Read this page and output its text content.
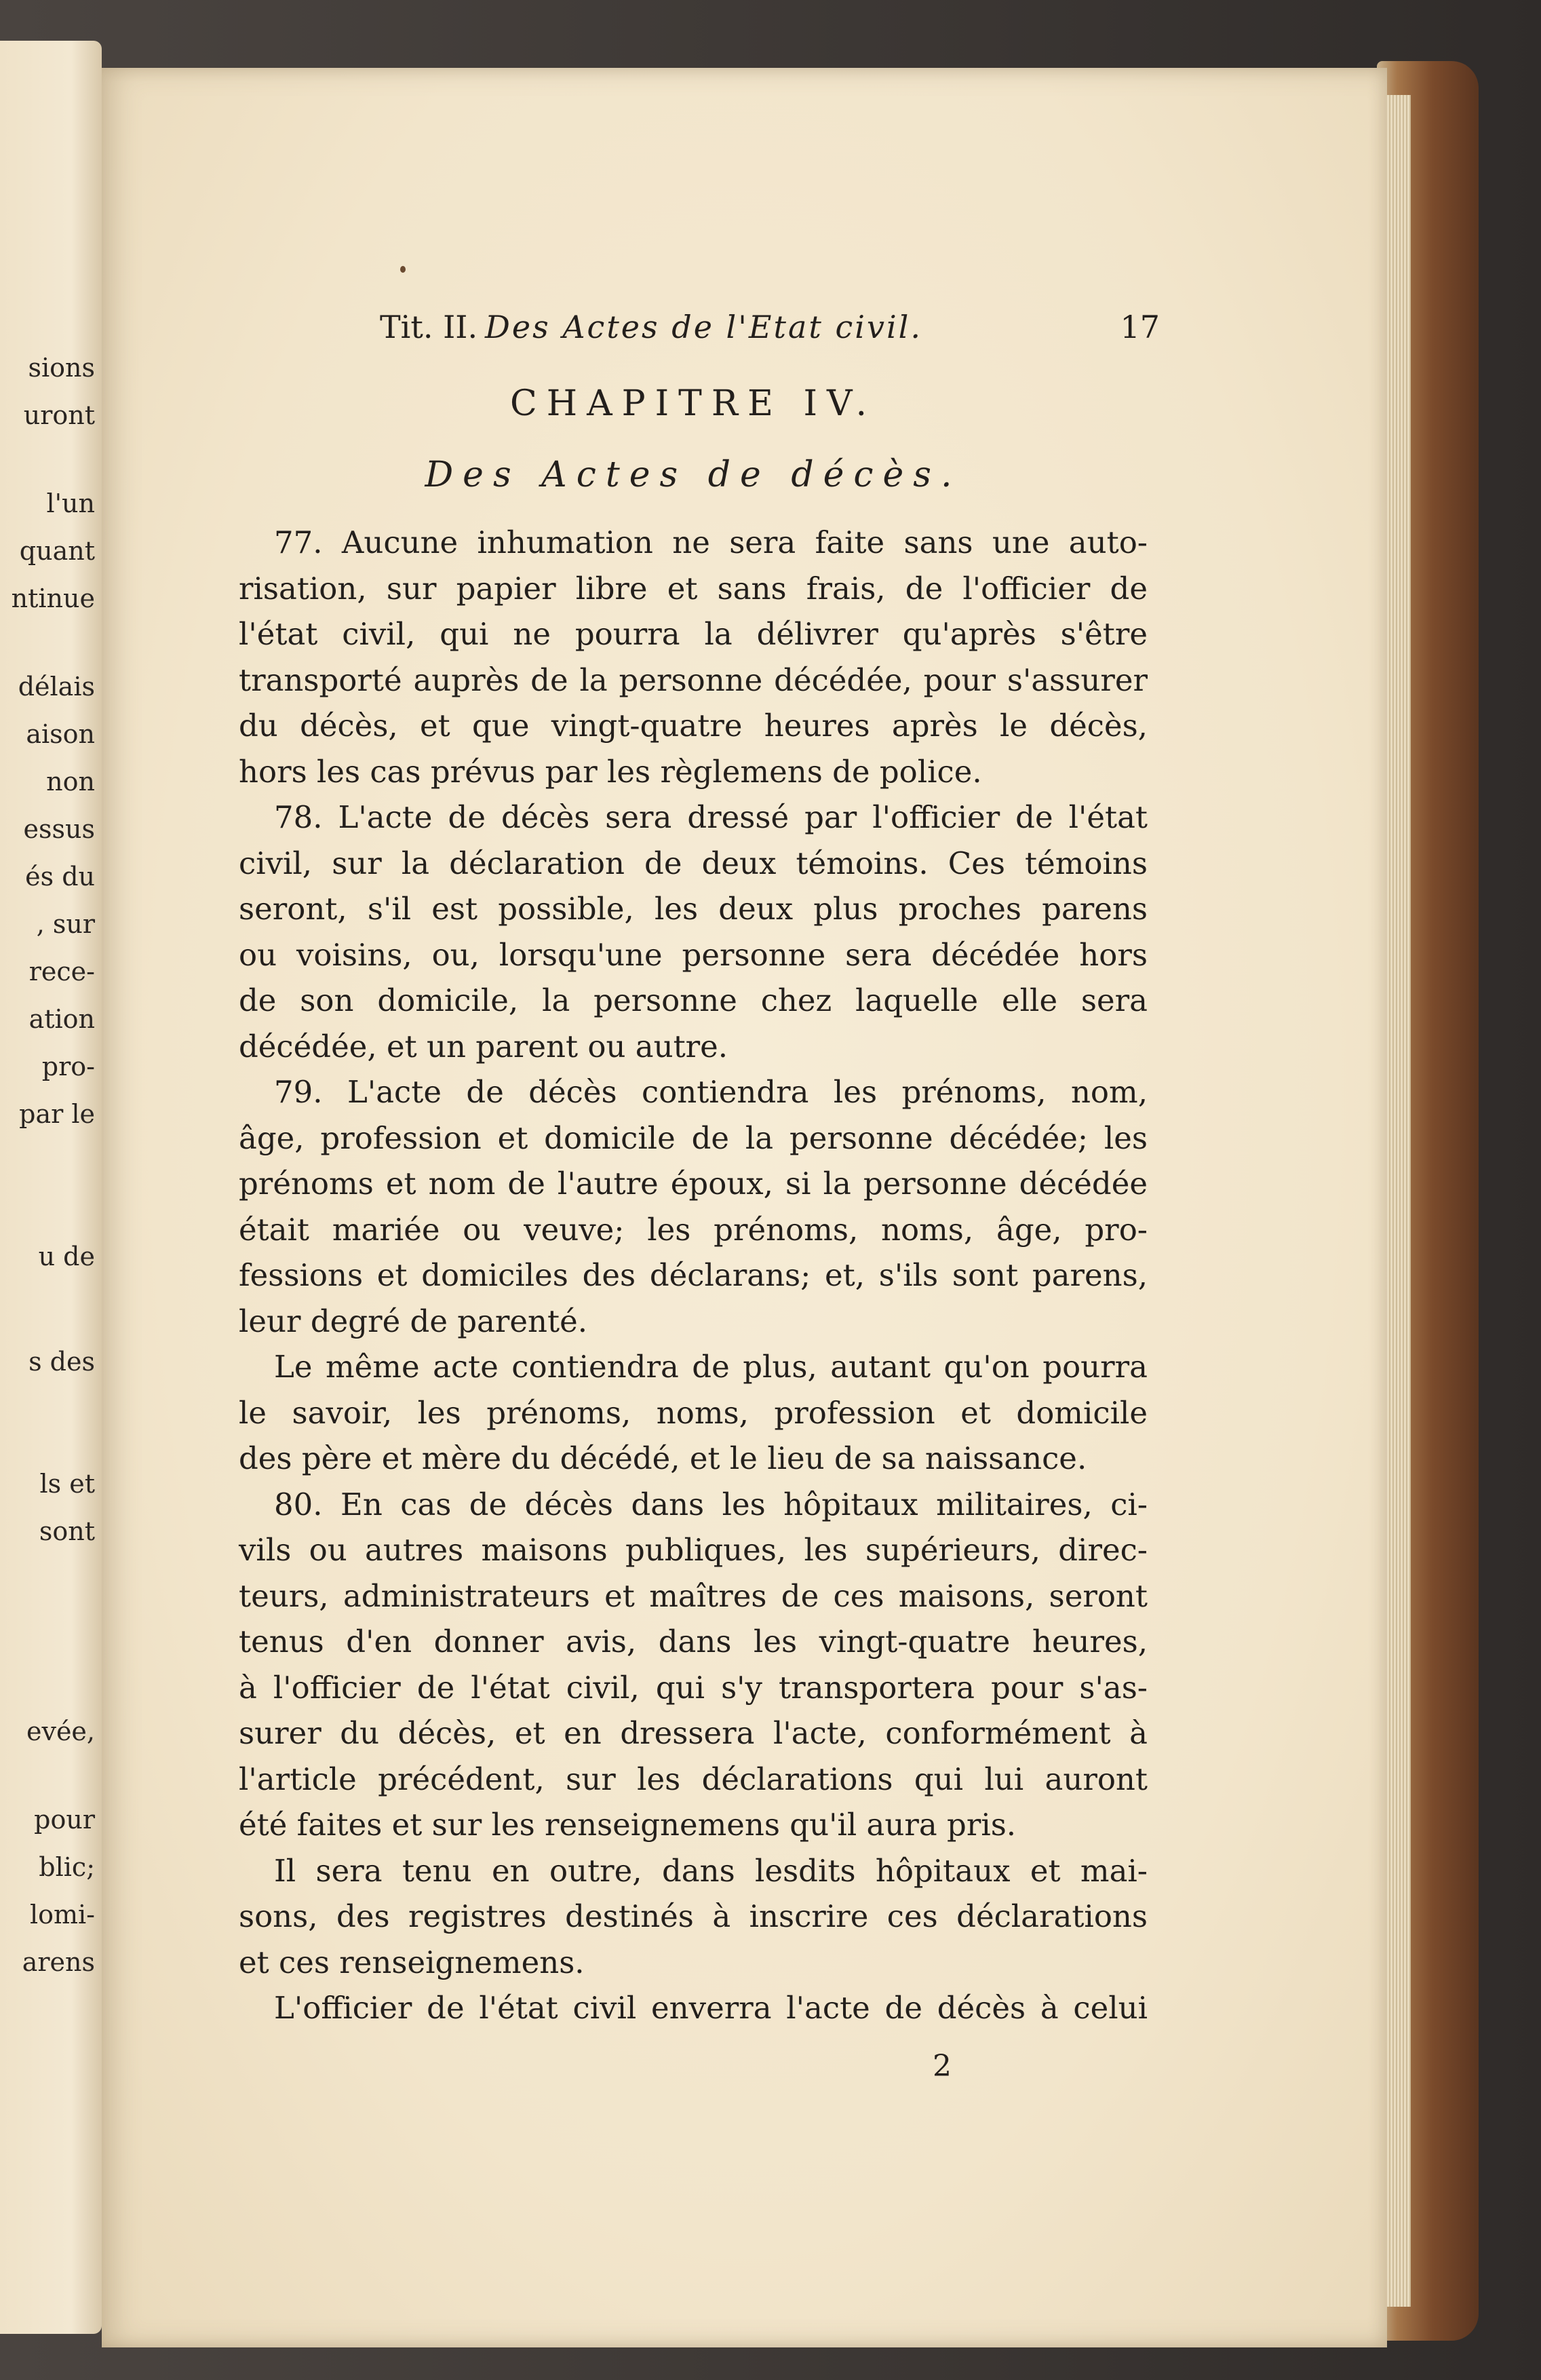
sions
uront
l'un
quant
ntinue
délais
aison
non
essus
és du
, sur
rece-
ation
pro-
par le
u de
s des
ls et
sont
evée,
pour
blic;
lomi-
arens
Tit. II. Des Actes de l'Etat civil.	17
CHAPITRE IV.
Des Actes de décès.
77. Aucune inhumation ne sera faite sans une auto-
risation, sur papier libre et sans frais, de l'officier de
l'état civil, qui ne pourra la délivrer qu'après s'être
transporté auprès de la personne décédée, pour s'assurer
du décès, et que vingt-quatre heures après le décès,
hors les cas prévus par les règlemens de police.
78. L'acte de décès sera dressé par l'officier de l'état
civil, sur la déclaration de deux témoins. Ces témoins
seront, s'il est possible, les deux plus proches parens
ou voisins, ou, lorsqu'une personne sera décédée hors
de son domicile, la personne chez laquelle elle sera
décédée, et un parent ou autre.
79. L'acte de décès contiendra les prénoms, nom,
âge, profession et domicile de la personne décédée; les
prénoms et nom de l'autre époux, si la personne décédée
était mariée ou veuve; les prénoms, noms, âge, pro-
fessions et domiciles des déclarans; et, s'ils sont parens,
leur degré de parenté.
Le même acte contiendra de plus, autant qu'on pourra
le savoir, les prénoms, noms, profession et domicile
des père et mère du décédé, et le lieu de sa naissance.
80. En cas de décès dans les hôpitaux militaires, ci-
vils ou autres maisons publiques, les supérieurs, direc-
teurs, administrateurs et maîtres de ces maisons, seront
tenus d'en donner avis, dans les vingt-quatre heures,
à l'officier de l'état civil, qui s'y transportera pour s'as-
surer du décès, et en dressera l'acte, conformément à
l'article précédent, sur les déclarations qui lui auront
été faites et sur les renseignemens qu'il aura pris.
Il sera tenu en outre, dans lesdits hôpitaux et mai-
sons, des registres destinés à inscrire ces déclarations
et ces renseignemens.
L'officier de l'état civil enverra l'acte de décès à celui
2
